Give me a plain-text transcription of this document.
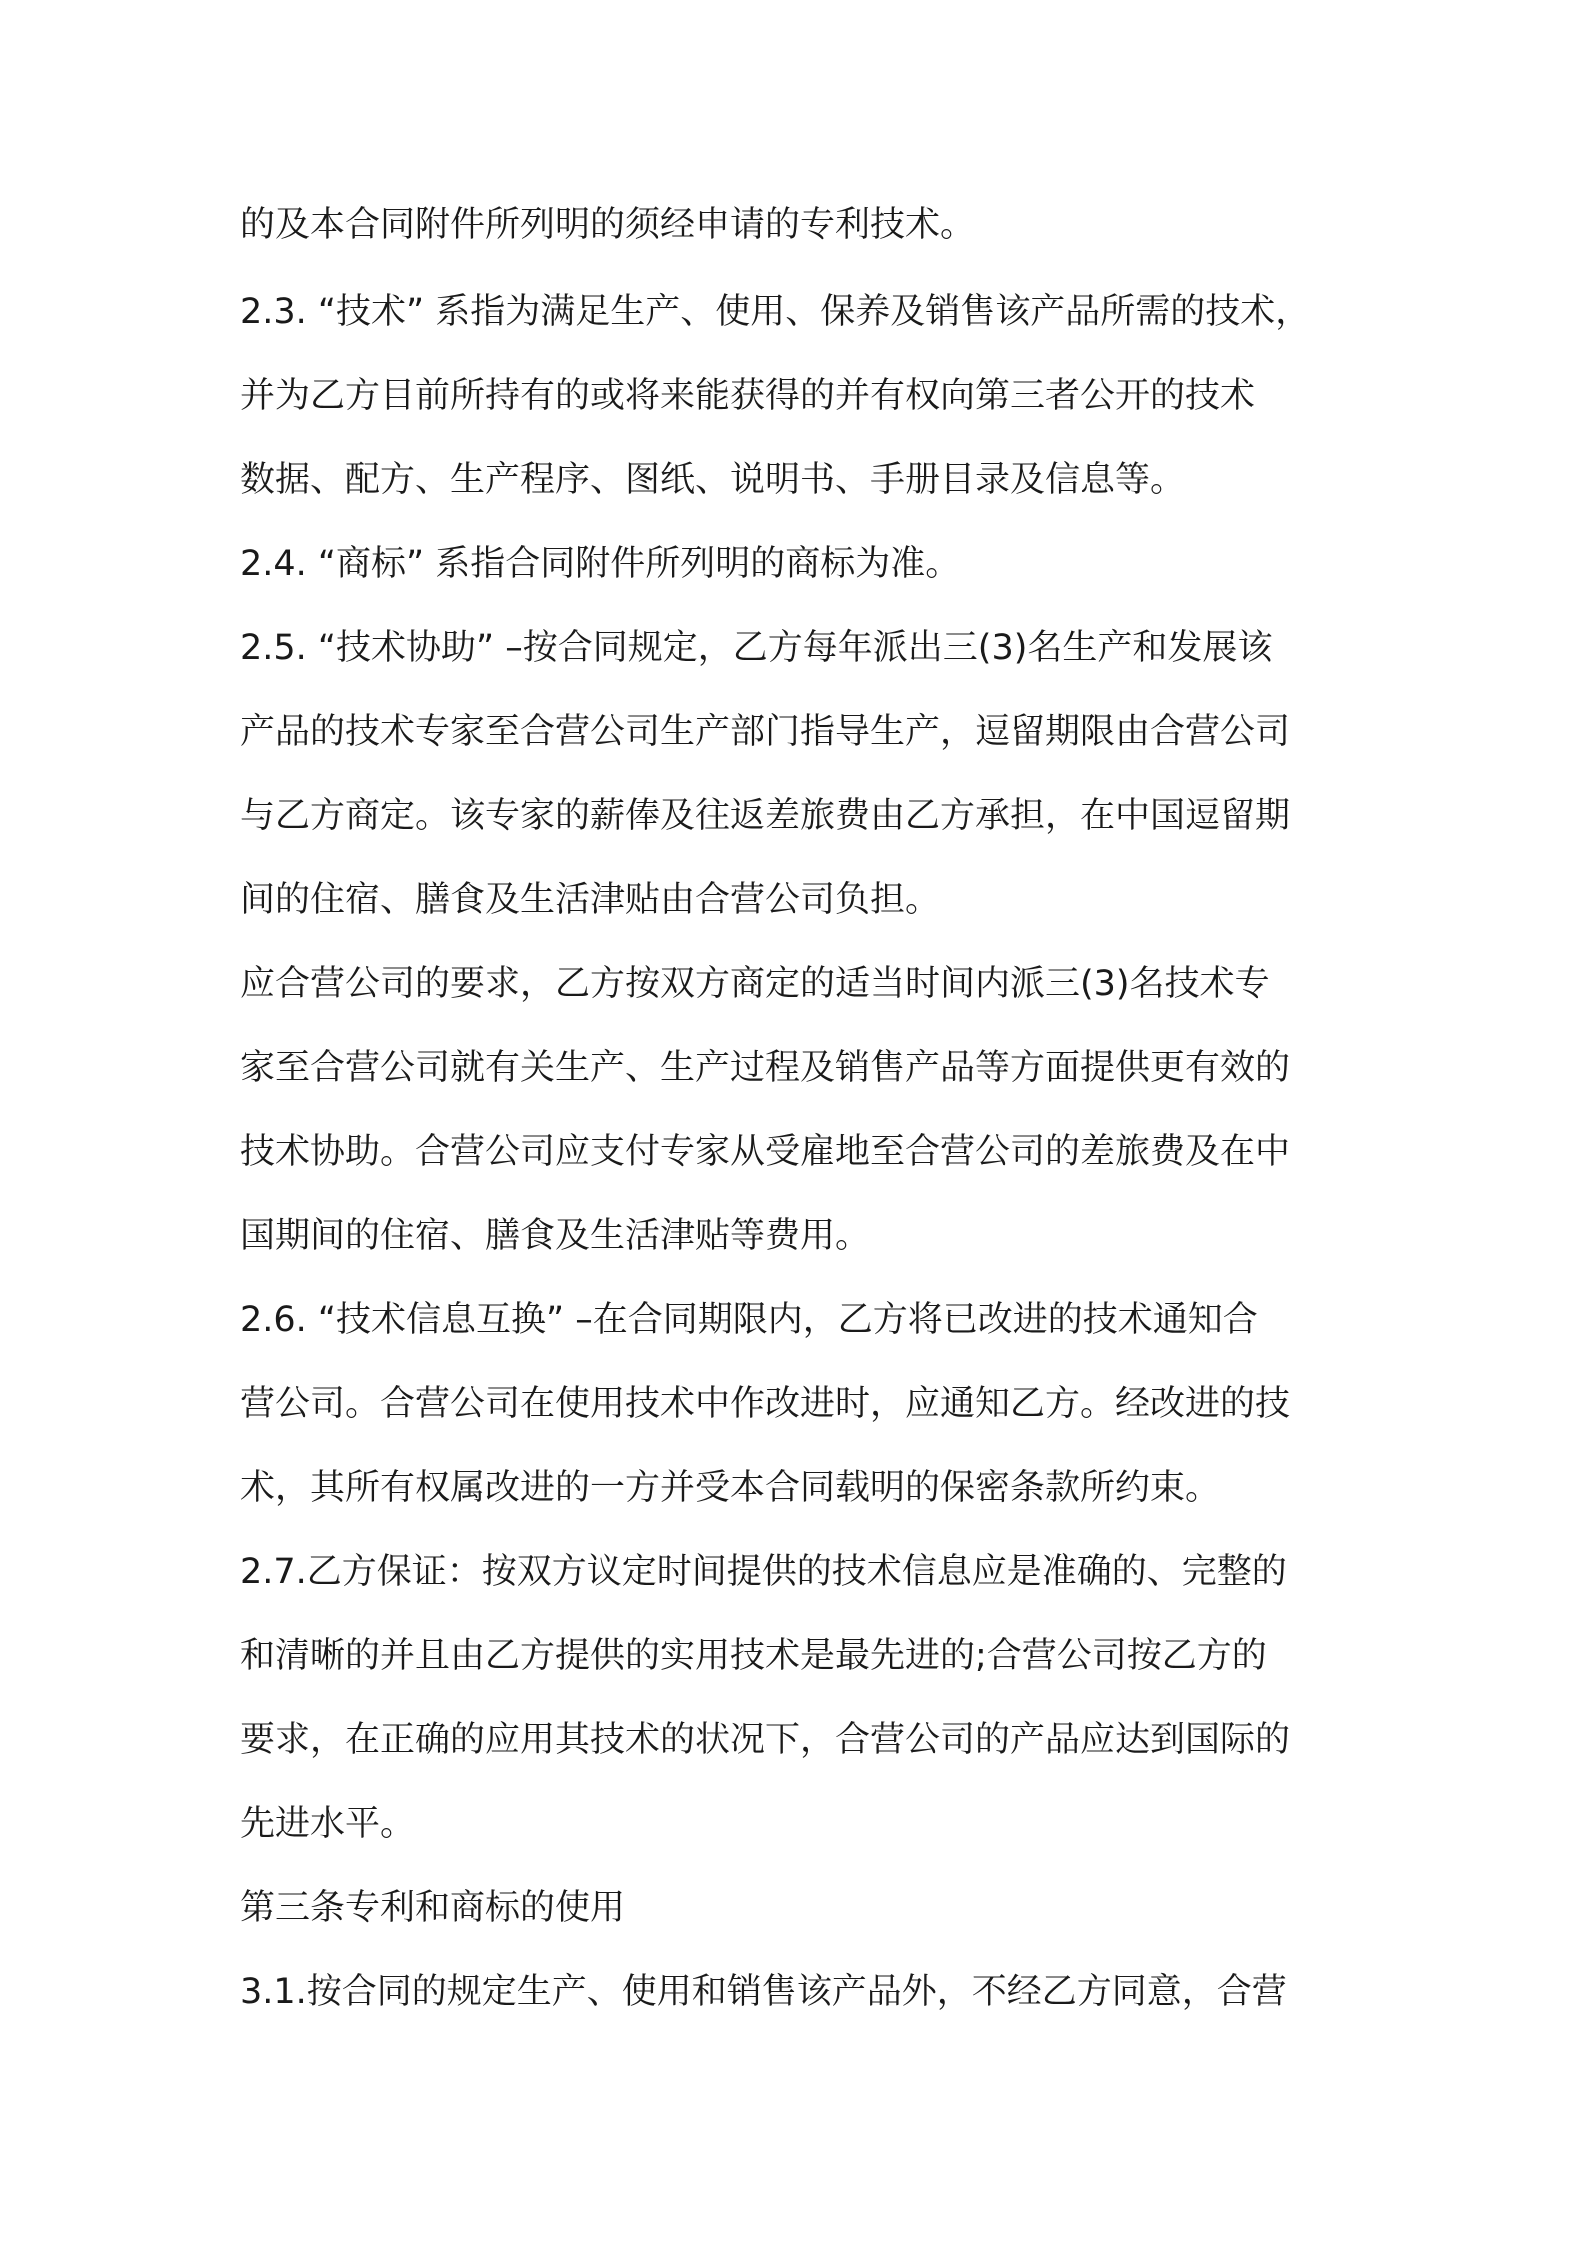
的及本合同附件所列明的须经申请的专利技术。
2.3. “技术” 系指为满足生产、使用、保养及销售该产品所需的技术，
并为乙方目前所持有的或将来能获得的并有权向第三者公开的技术
数据、配方、生产程序、图纸、说明书、手册目录及信息等。
2.4. “商标” 系指合同附件所列明的商标为准。
2.5. “技术协助” –按合同规定，乙方每年派出三(3)名生产和发展该
产品的技术专家至合营公司生产部门指导生产，逗留期限由合营公司
与乙方商定。该专家的薪俸及往返差旅费由乙方承担，在中国逗留期
间的住宿、膳食及生活津贴由合营公司负担。
应合营公司的要求，乙方按双方商定的适当时间内派三(3)名技术专
家至合营公司就有关生产、生产过程及销售产品等方面提供更有效的
技术协助。合营公司应支付专家从受雇地至合营公司的差旅费及在中
国期间的住宿、膳食及生活津贴等费用。
2.6. “技术信息互换” –在合同期限内，乙方将已改进的技术通知合
营公司。合营公司在使用技术中作改进时，应通知乙方。经改进的技
术，其所有权属改进的一方并受本合同载明的保密条款所约束。
2.7.乙方保证：按双方议定时间提供的技术信息应是准确的、完整的
和清晰的并且由乙方提供的实用技术是最先进的;合营公司按乙方的
要求，在正确的应用其技术的状况下，合营公司的产品应达到国际的
先进水平。
第三条专利和商标的使用
3.1.按合同的规定生产、使用和销售该产品外，不经乙方同意，合营
